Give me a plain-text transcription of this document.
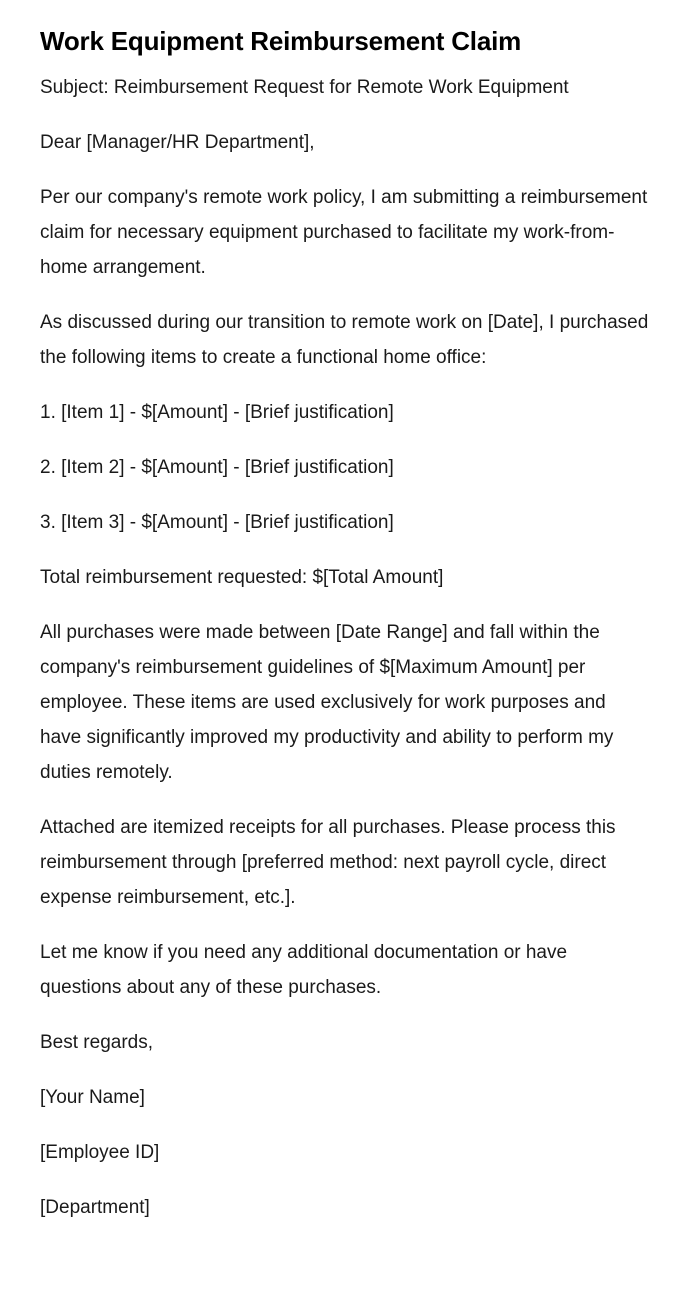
Work Equipment Reimbursement Claim

Subject: Reimbursement Request for Remote Work Equipment

Dear [Manager/HR Department],

Per our company's remote work policy, I am submitting a reimbursement claim for necessary equipment purchased to facilitate my work-from-home arrangement.

As discussed during our transition to remote work on [Date], I purchased the following items to create a functional home office:

1. [Item 1] - $[Amount] - [Brief justification]

2. [Item 2] - $[Amount] - [Brief justification]

3. [Item 3] - $[Amount] - [Brief justification]

Total reimbursement requested: $[Total Amount]

All purchases were made between [Date Range] and fall within the company's reimbursement guidelines of $[Maximum Amount] per employee. These items are used exclusively for work purposes and have significantly improved my productivity and ability to perform my duties remotely.

Attached are itemized receipts for all purchases. Please process this reimbursement through [preferred method: next payroll cycle, direct expense reimbursement, etc.].

Let me know if you need any additional documentation or have questions about any of these purchases.

Best regards,

[Your Name]

[Employee ID]

[Department]
